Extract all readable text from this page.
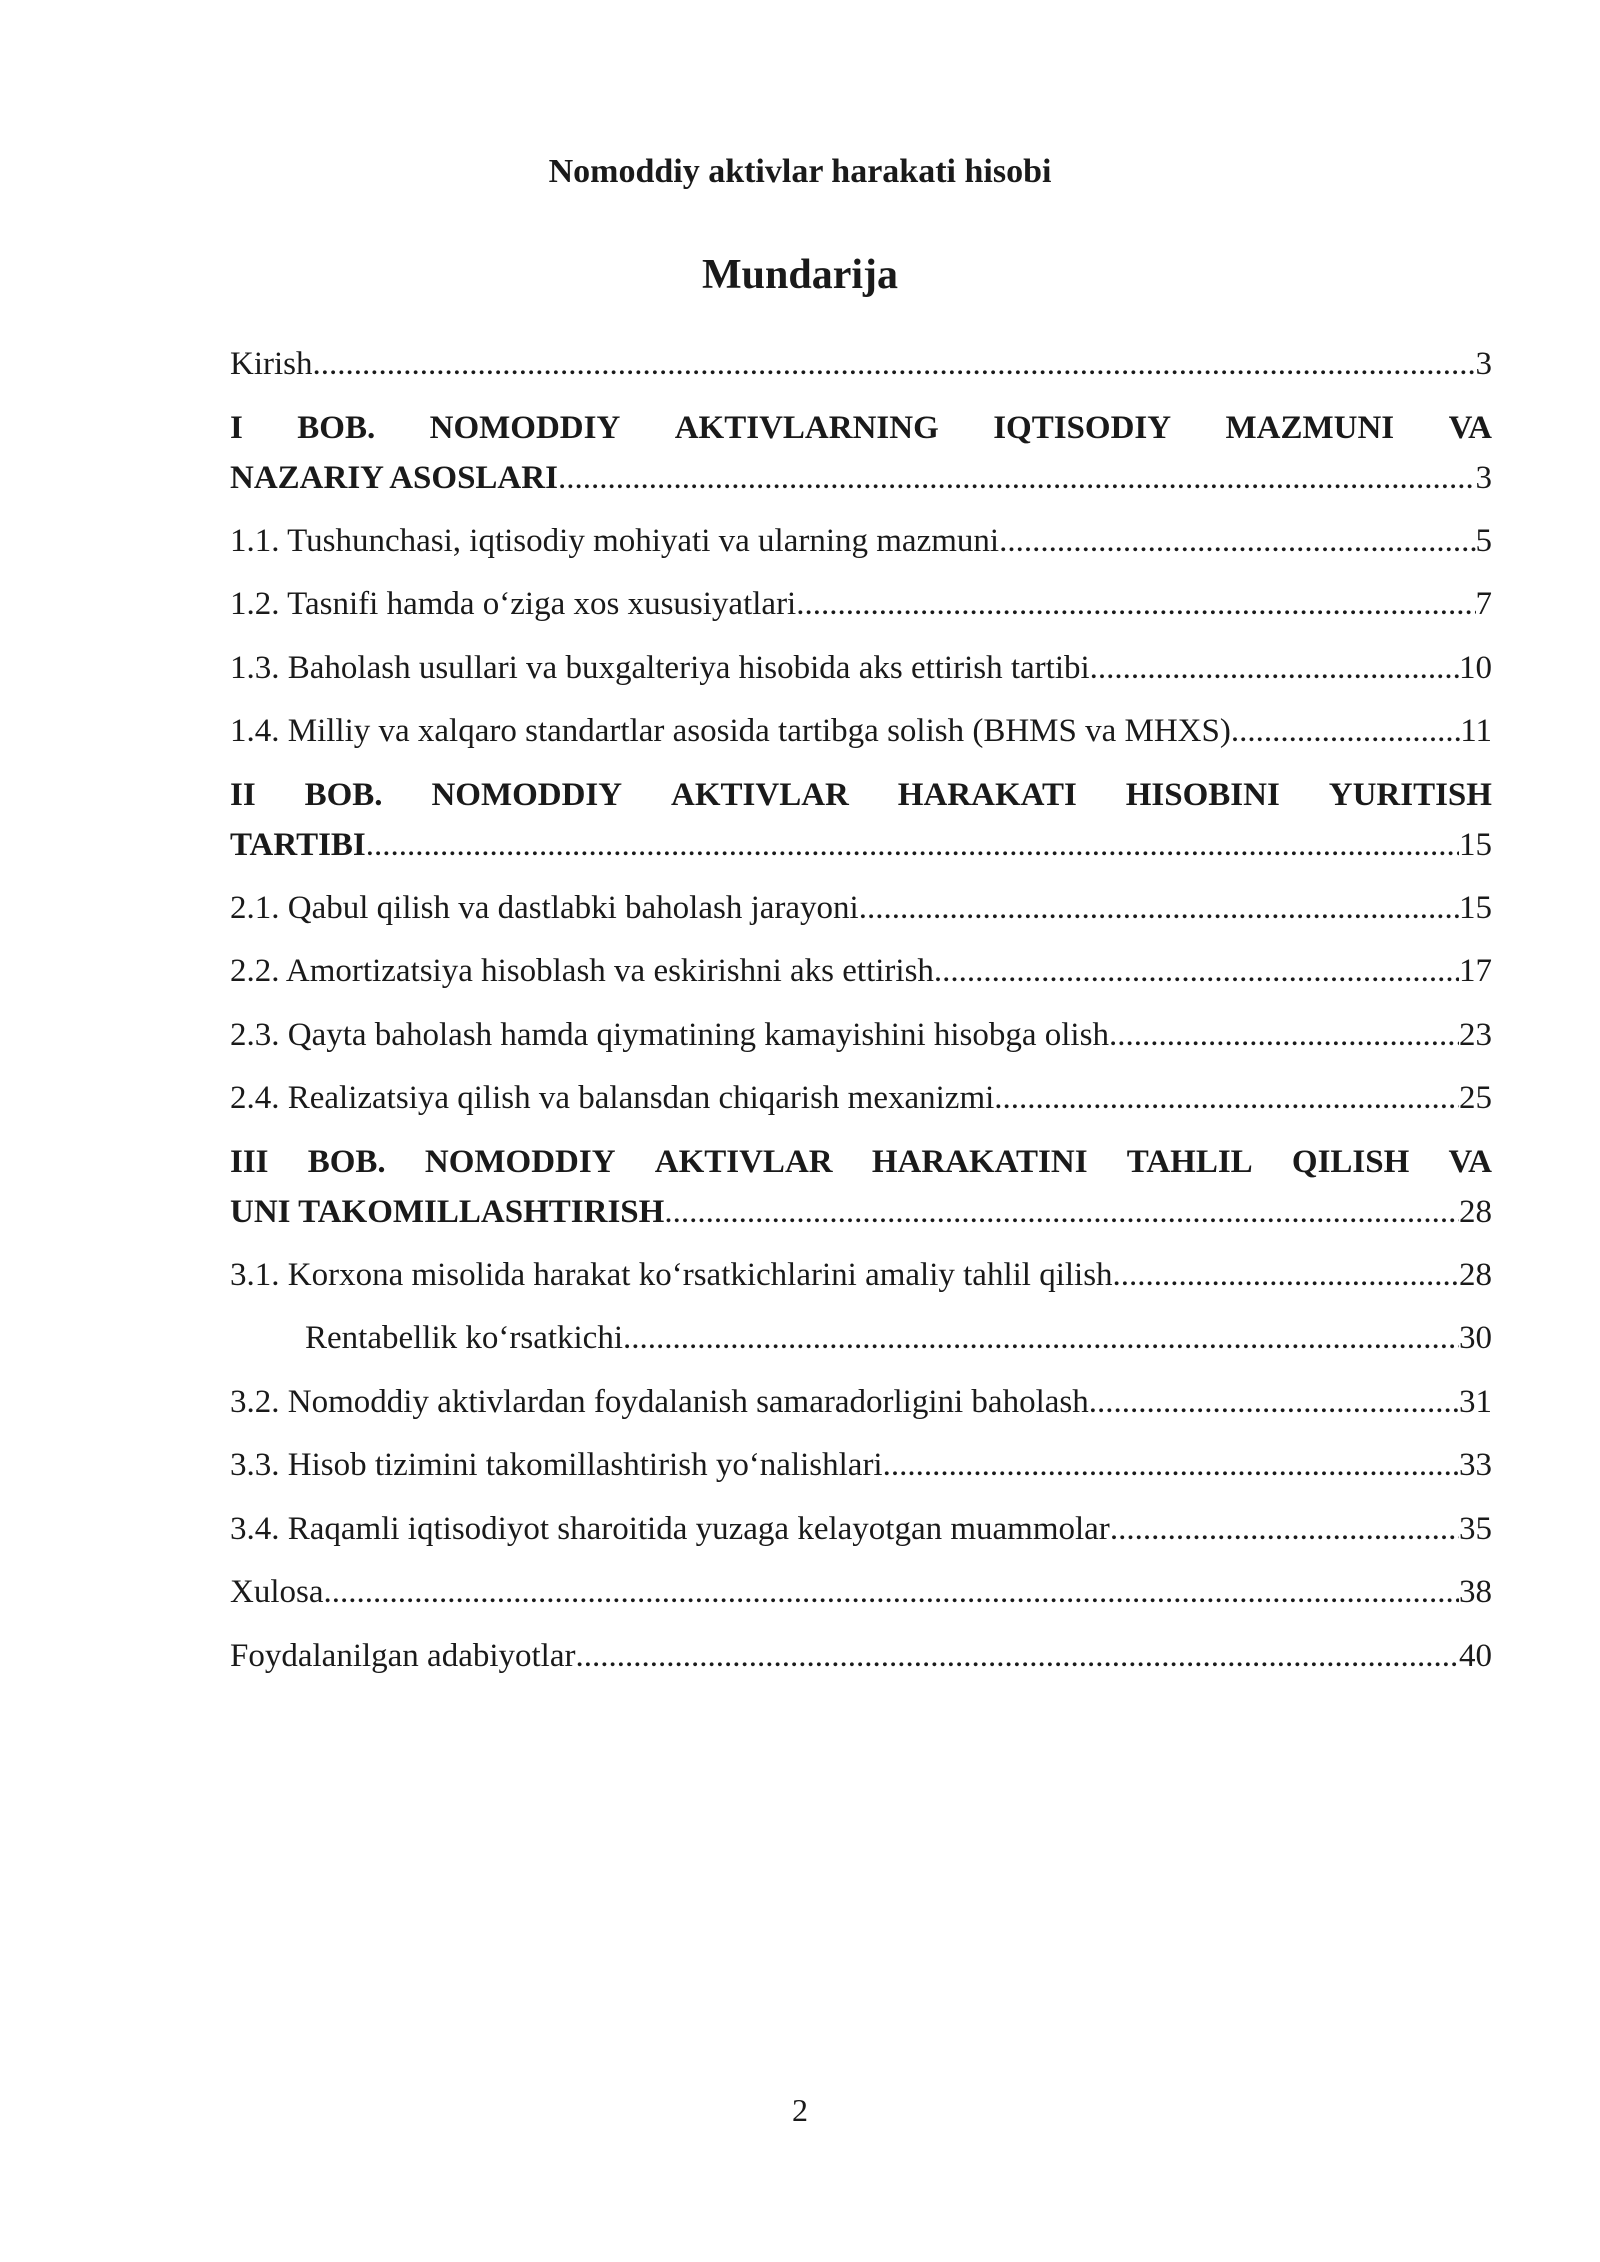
Nomoddiy aktivlar harakati hisobi
Mundarija
Kirish .....	3
I BOB. NOMODDIY AKTIVLARNING IQTISODIY MAZMUNI VA
NAZARIY ASOSLARI .....	3
1.1. Tushunchasi, iqtisodiy mohiyati va ularning mazmuni .....	5
1.2. Tasnifi hamda o‘ziga xos xususiyatlari .....	7
1.3. Baholash usullari va buxgalteriya hisobida aks ettirish tartibi .....	10
1.4. Milliy va xalqaro standartlar asosida tartibga solish (BHMS va MHXS) .....	11
II BOB. NOMODDIY AKTIVLAR HARAKATI HISOBINI YURITISH
TARTIBI .....	15
2.1. Qabul qilish va dastlabki baholash jarayoni .....	15
2.2. Amortizatsiya hisoblash va eskirishni aks ettirish .....	17
2.3. Qayta baholash hamda qiymatining kamayishini hisobga olish .....	23
2.4. Realizatsiya qilish va balansdan chiqarish mexanizmi .....	25
III BOB. NOMODDIY AKTIVLAR HARAKATINI TAHLIL QILISH VA
UNI TAKOMILLASHTIRISH .....	28
3.1. Korxona misolida harakat ko‘rsatkichlarini amaliy tahlil qilish .....	28
Rentabellik ko‘rsatkichi .....	30
3.2. Nomoddiy aktivlardan foydalanish samaradorligini baholash .....	31
3.3. Hisob tizimini takomillashtirish yo‘nalishlari .....	33
3.4. Raqamli iqtisodiyot sharoitida yuzaga kelayotgan muammolar .....	35
Xulosa .....	38
Foydalanilgan adabiyotlar .....	40
2
